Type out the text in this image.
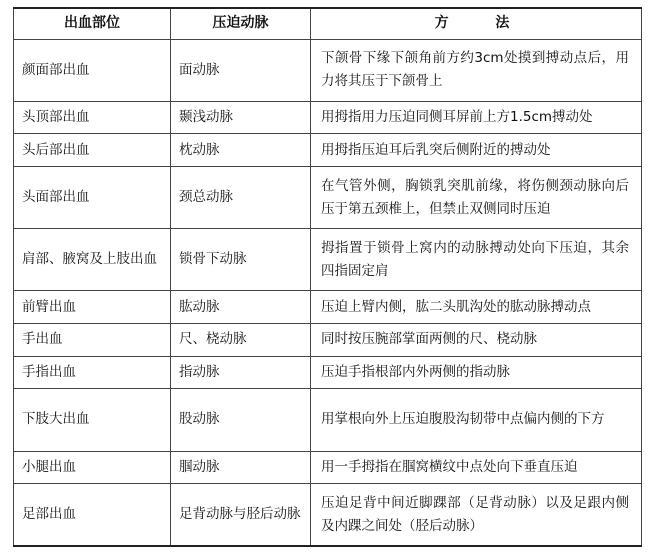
出血部位	压迫动脉	方 法
颜面部出血	面动脉	下颌骨下缘下颌角前方约3cm处摸到搏动点后，用力将其压于下颌骨上
头顶部出血	颞浅动脉	用拇指用力压迫同侧耳屏前上方1.5cm搏动处
头后部出血	枕动脉	用拇指压迫耳后乳突后侧附近的搏动处
头面部出血	颈总动脉	在气管外侧，胸锁乳突肌前缘，将伤侧颈动脉向后压于第五颈椎上，但禁止双侧同时压迫
肩部、腋窝及上肢出血	锁骨下动脉	拇指置于锁骨上窝内的动脉搏动处向下压迫，其余四指固定肩
前臂出血	肱动脉	压迫上臂内侧，肱二头肌沟处的肱动脉搏动点
手出血	尺、桡动脉	同时按压腕部掌面两侧的尺、桡动脉
手指出血	指动脉	压迫手指根部内外两侧的指动脉
下肢大出血	股动脉	用掌根向外上压迫腹股沟韧带中点偏内侧的下方
小腿出血	腘动脉	用一手拇指在腘窝横纹中点处向下垂直压迫
足部出血	足背动脉与胫后动脉	压迫足背中间近脚踝部（足背动脉）以及足跟内侧及内踝之间处（胫后动脉）
